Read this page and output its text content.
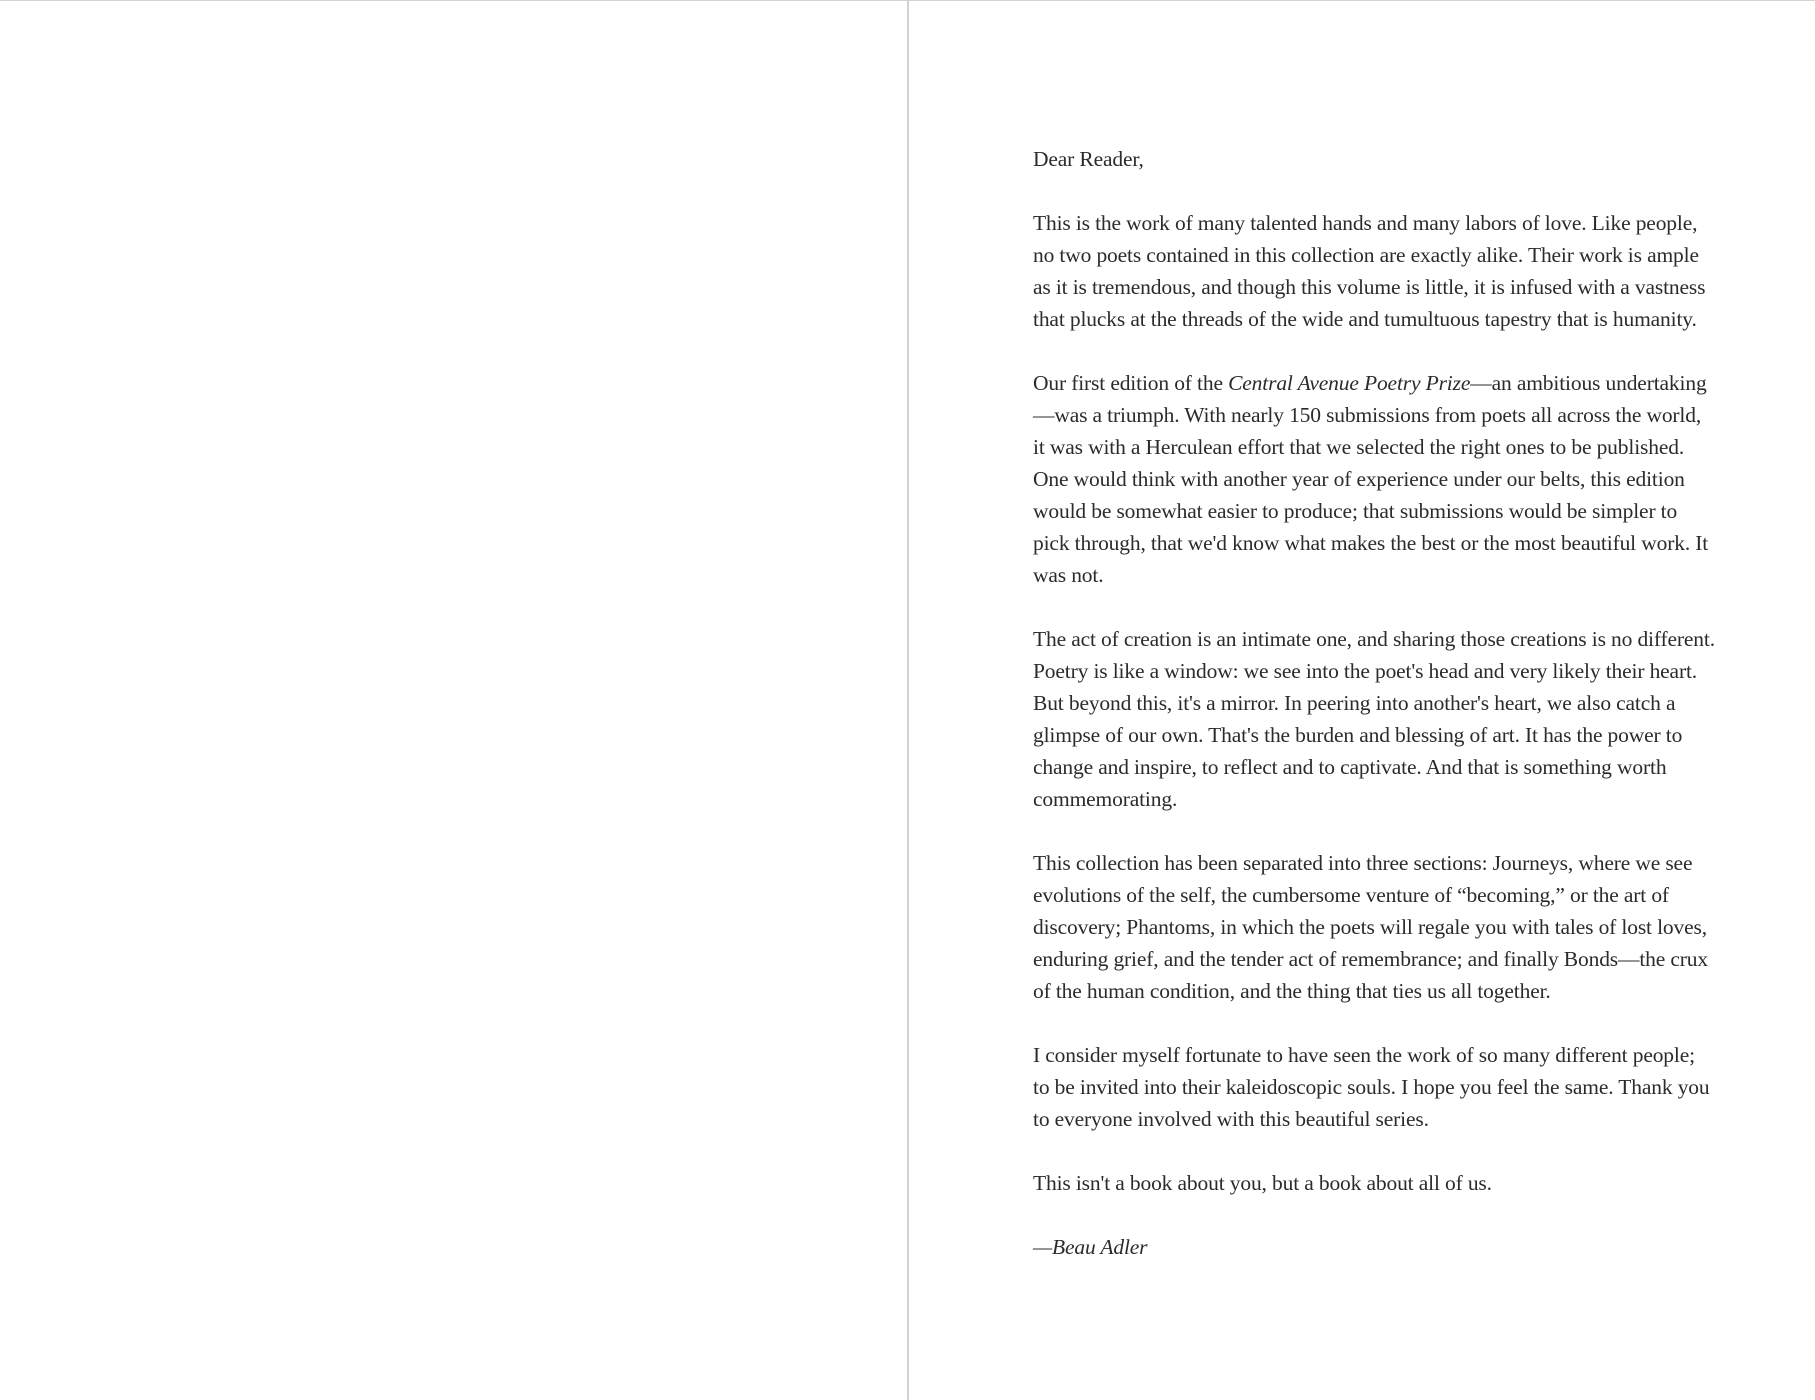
Dear Reader,

This is the work of many talented hands and many labors of love. Like people, no two poets contained in this collection are exactly alike. Their work is ample as it is tremendous, and though this volume is little, it is infused with a vastness that plucks at the threads of the wide and tumultuous tapestry that is humanity.

Our first edition of the Central Avenue Poetry Prize—an ambitious undertaking—was a triumph. With nearly 150 submissions from poets all across the world, it was with a Herculean effort that we selected the right ones to be published. One would think with another year of experience under our belts, this edition would be somewhat easier to produce; that submissions would be simpler to pick through, that we'd know what makes the best or the most beautiful work. It was not.

The act of creation is an intimate one, and sharing those creations is no different. Poetry is like a window: we see into the poet's head and very likely their heart. But beyond this, it's a mirror. In peering into another's heart, we also catch a glimpse of our own. That's the burden and blessing of art. It has the power to change and inspire, to reflect and to captivate. And that is something worth commemorating.

This collection has been separated into three sections: Journeys, where we see evolutions of the self, the cumbersome venture of “becoming,” or the art of discovery; Phantoms, in which the poets will regale you with tales of lost loves, enduring grief, and the tender act of remembrance; and finally Bonds—the crux of the human condition, and the thing that ties us all together.

I consider myself fortunate to have seen the work of so many different people; to be invited into their kaleidoscopic souls. I hope you feel the same. Thank you to everyone involved with this beautiful series.

This isn't a book about you, but a book about all of us.

—Beau Adler
